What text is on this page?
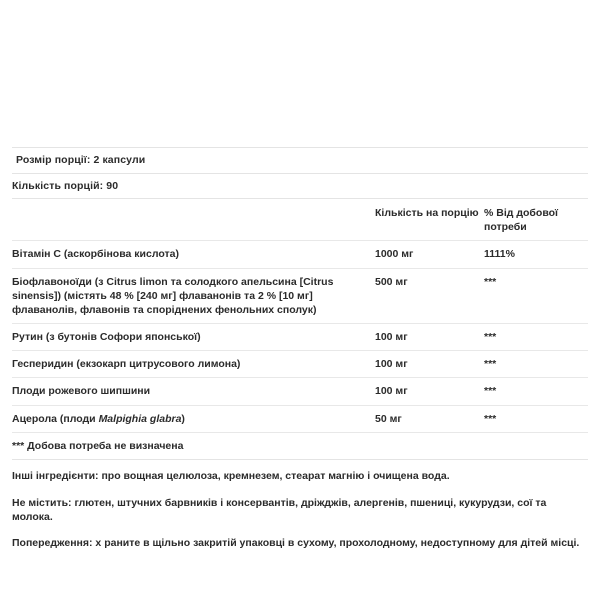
Розмір порції: 2 капсули
Кількість порцій: 90
	Кількість на порцію	% Від добової потреби
Вітамін С (аскорбінова кислота)	1000 мг	1111%
Біофлавоноїди (з Citrus limon та солодкого апельсина [Citrus sinensis]) (містять 48 % [240 мг] флаванонів та 2 % [10 мг] флаванолів, флавонів та споріднених фенольних сполук)	500 мг	***
Рутин (з бутонів Софори японської)	100 мг	***
Гесперидин (екзокарп цитрусового лимона)	100 мг	***
Плоди рожевого шипшини	100 мг	***
Ацерола (плоди Malpighia glabra)	50 мг	***
*** Добова потреба не визначена

Інші інгредієнти: про вощная целюлоза, кремнезем, стеарат магнію і очищена вода.

Не містить: глютен, штучних барвників і консервантів, дріжджів, алергенів, пшениці, кукурудзи, сої та молока.

Попередження: х раните в щільно закритій упаковці в сухому, прохолодному, недоступному для дітей місці.
